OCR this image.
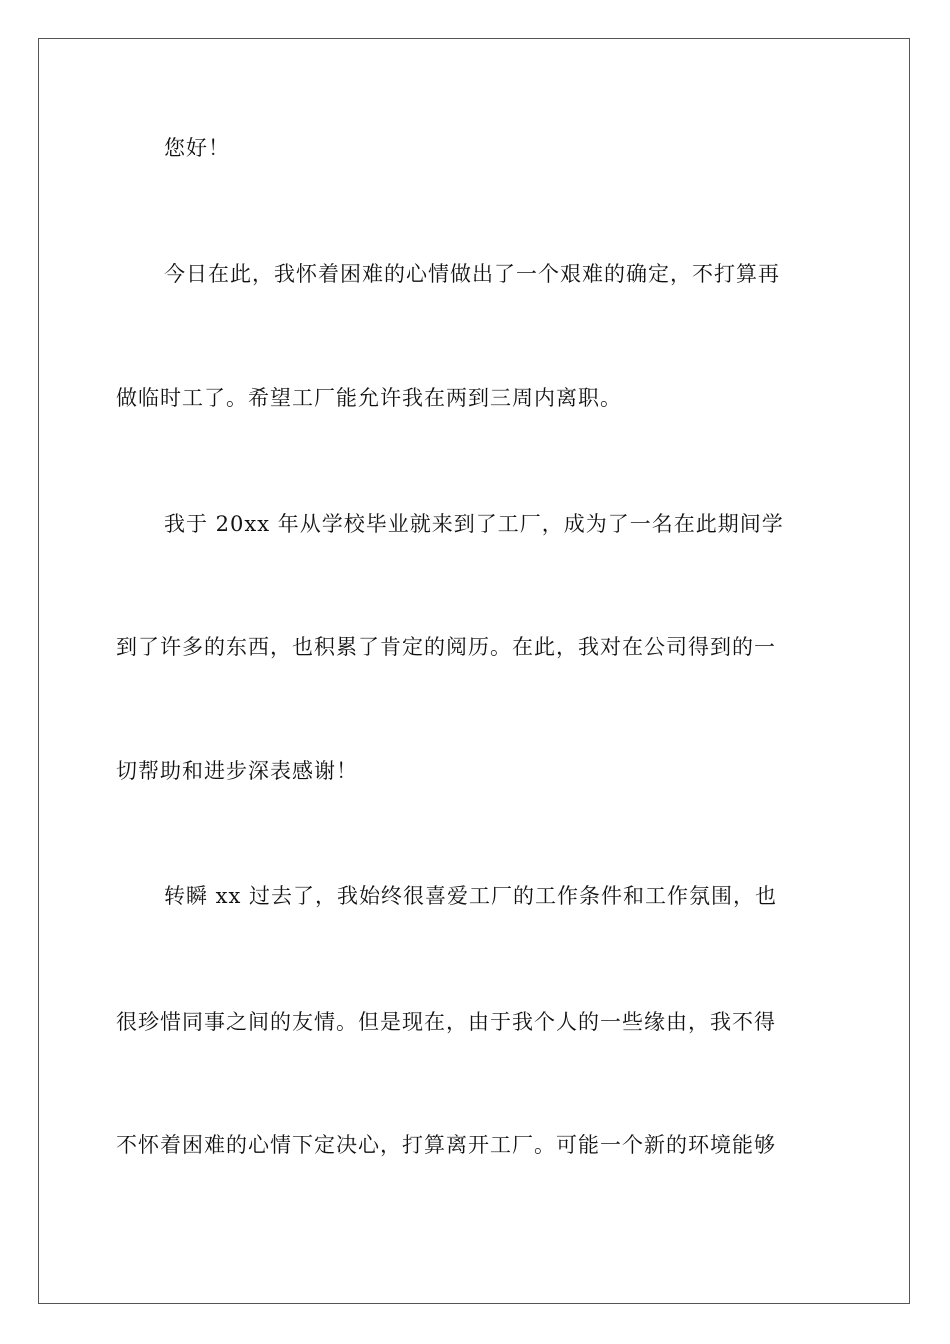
您好！
今日在此，我怀着困难的心情做出了一个艰难的确定，不打算再
做临时工了。希望工厂能允许我在两到三周内离职。
我于 20xx 年从学校毕业就来到了工厂，成为了一名在此期间学
到了许多的东西，也积累了肯定的阅历。在此，我对在公司得到的一
切帮助和进步深表感谢！
转瞬 xx 过去了，我始终很喜爱工厂的工作条件和工作氛围，也
很珍惜同事之间的友情。但是现在，由于我个人的一些缘由，我不得
不怀着困难的心情下定决心，打算离开工厂。可能一个新的环境能够
